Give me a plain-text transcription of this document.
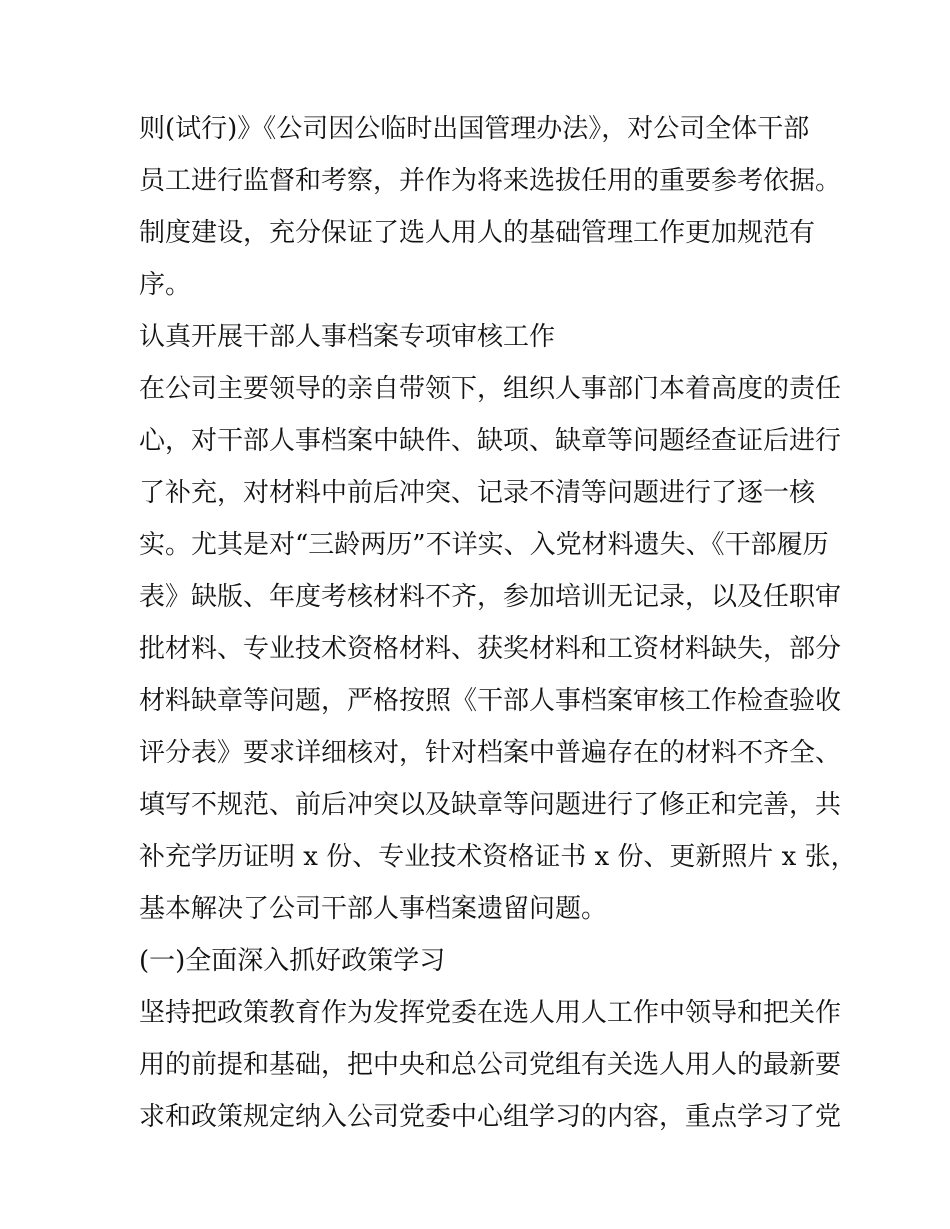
则(试行)》《公司因公临时出国管理办法》，对公司全体干部
员工进行监督和考察，并作为将来选拔任用的重要参考依据。
制度建设，充分保证了选人用人的基础管理工作更加规范有
序。
认真开展干部人事档案专项审核工作
在公司主要领导的亲自带领下，组织人事部门本着高度的责任
心，对干部人事档案中缺件、缺项、缺章等问题经查证后进行
了补充，对材料中前后冲突、记录不清等问题进行了逐一核
实。尤其是对“三龄两历”不详实、入党材料遗失、《干部履历
表》缺版、年度考核材料不齐，参加培训无记录，以及任职审
批材料、专业技术资格材料、获奖材料和工资材料缺失，部分
材料缺章等问题，严格按照《干部人事档案审核工作检查验收
评分表》要求详细核对，针对档案中普遍存在的材料不齐全、
填写不规范、前后冲突以及缺章等问题进行了修正和完善，共
补充学历证明 x 份、专业技术资格证书 x 份、更新照片 x 张，
基本解决了公司干部人事档案遗留问题。
(一)全面深入抓好政策学习
坚持把政策教育作为发挥党委在选人用人工作中领导和把关作
用的前提和基础，把中央和总公司党组有关选人用人的最新要
求和政策规定纳入公司党委中心组学习的内容，重点学习了党
